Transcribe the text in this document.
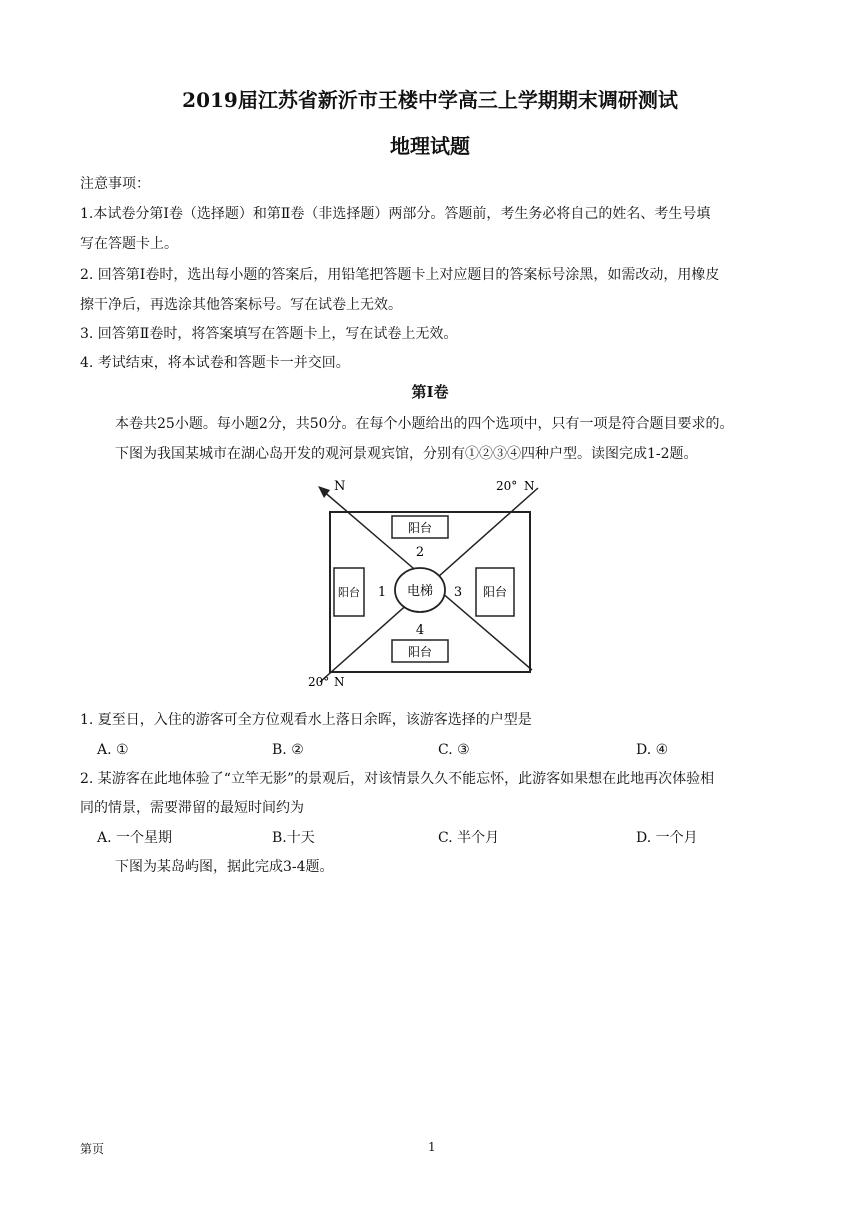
2019届江苏省新沂市王楼中学高三上学期期末调研测试
地理试题
注意事项：
1.本试卷分第Ⅰ卷（选择题）和第Ⅱ卷（非选择题）两部分。答题前，考生务必将自己的姓名、考生号填
写在答题卡上。
2. 回答第Ⅰ卷时，选出每小题的答案后，用铅笔把答题卡上对应题目的答案标号涂黑，如需改动，用橡皮
擦干净后，再选涂其他答案标号。写在试卷上无效。
3. 回答第Ⅱ卷时，将答案填写在答题卡上，写在试卷上无效。
4. 考试结束，将本试卷和答题卡一并交回。
第Ⅰ卷
本卷共25小题。每小题2分，共50分。在每个小题给出的四个选项中，只有一项是符合题目要求的。
下图为我国某城市在湖心岛开发的观河景观宾馆，分别有①②③④四种户型。读图完成1-2题。
N	20° N
20° N
电梯
阳台
阳台
阳台	阳台
1
2
3
4
1. 夏至日，入住的游客可全方位观看水上落日余晖，该游客选择的户型是
A. ①	B. ②	C. ③	D. ④
2. 某游客在此地体验了“立竿无影”的景观后，对该情景久久不能忘怀，此游客如果想在此地再次体验相
同的情景，需要滞留的最短时间约为
A. 一个星期	B.十天	C. 半个月	D. 一个月
下图为某岛屿图，据此完成3-4题。
第页	1
